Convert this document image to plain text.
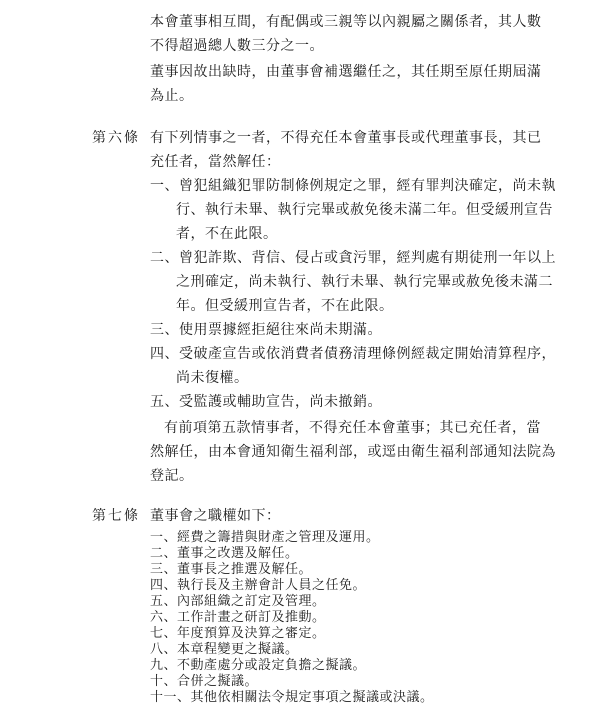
本會董事相互間，有配偶或三親等以內親屬之關係者，其人數
不得超過總人數三分之一。
董事因故出缺時，由董事會補選繼任之，其任期至原任期屆滿
為止。
第六條 有下列情事之一者，不得充任本會董事長或代理董事長，其已
充任者，當然解任：
一、曾犯組織犯罪防制條例規定之罪，經有罪判決確定，尚未執
行、執行未畢、執行完畢或赦免後未滿二年。但受緩刑宣告
者，不在此限。
二、曾犯詐欺、背信、侵占或貪污罪，經判處有期徒刑一年以上
之刑確定，尚未執行、執行未畢、執行完畢或赦免後未滿二
年。但受緩刑宣告者，不在此限。
三、使用票據經拒絕往來尚未期滿。
四、受破產宣告或依消費者債務清理條例經裁定開始清算程序，
尚未復權。
五、受監護或輔助宣告，尚未撤銷。
有前項第五款情事者，不得充任本會董事；其已充任者，當
然解任，由本會通知衛生福利部，或逕由衛生福利部通知法院為
登記。
第七條 董事會之職權如下：
一、經費之籌措與財產之管理及運用。
二、董事之改選及解任。
三、董事長之推選及解任。
四、執行長及主辦會計人員之任免。
五、內部組織之訂定及管理。
六、工作計畫之研訂及推動。
七、年度預算及決算之審定。
八、本章程變更之擬議。
九、不動產處分或設定負擔之擬議。
十、合併之擬議。
十一、其他依相關法令規定事項之擬議或決議。
